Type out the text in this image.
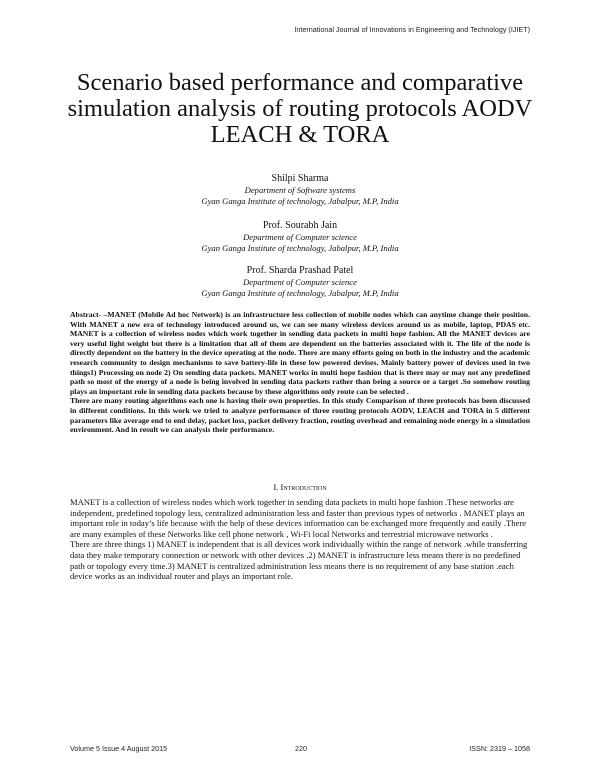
International Journal of Innovations in Engineering and Technology (IJIET)
Scenario based performance and comparative simulation analysis of routing protocols AODV LEACH & TORA
Shilpi Sharma
Department of Software systems
Gyan Ganga Institute of technology, Jabalpur, M.P, India
Prof. Sourabh Jain
Department of Computer science
Gyan Ganga Institute of technology, Jabalpur, M.P, India
Prof. Sharda Prashad Patel
Department of Computer science
Gyan Ganga Institute of technology, Jabalpur, M.P, India

Abstract- –MANET (Mobile Ad hoc Network) is an infrastructure less collection of mobile nodes which can anytime change their position. With MANET a new era of technology introduced around us, we can see many wireless devices around us as mobile, laptop, PDAS etc. MANET is a collection of wireless nodes which work together in sending data packets in multi hope fashion. All the MANET devices are very useful light weight but there is a limitation that all of them are dependent on the batteries associated with it. The life of the node is directly dependent on the battery in the device operating at the node. There are many efforts going on both in the industry and the academic research community to design mechanisms to save battery-life in these low powered devises. Mainly battery power of devices used in two things1) Processing on node 2) On sending data packets. MANET works in multi hope fashion that is there may or may not any predefined path so most of the energy of a node is being involved in sending data packets rather than being a source or a target .So somehow routing plays an important role in sending data packets because by these algorithms only route can be selected .

There are many routing algorithms each one is having their own properties. In this study Comparison of three protocols has been discussed in different conditions. In this work we tried to analyze performance of three routing protocols AODV, LEACH and TORA in 5 different parameters like average end to end delay, packet loss, packet delivery fraction, routing overhead and remaining node energy in a simulation environment. And in result we can analysis their performance.

I. Introduction

MANET is a collection of wireless nodes which work together in sending data packets in multi hope fashion .These networks are independent, predefined topology less, centralized administration less and faster than previous types of networks . MANET plays an important role in today’s life because with the help of these devices information can be exchanged more frequently and easily .There are many examples of these Networks like cell phone network , Wi-Fi local Networks and terrestrial microwave networks .

There are three things 1) MANET is independent that is all devices work individually within the range of network .while transferring data they make temporary connection or network with other devices .2) MANET is infrastructure less means there is no predefined path or topology every time.3) MANET is centralized administration less means there is no requirement of any base station .each device works as an individual router and plays an important role.

Volume 5 Issue 4 August 2015	220	ISSN: 2319 – 1058
